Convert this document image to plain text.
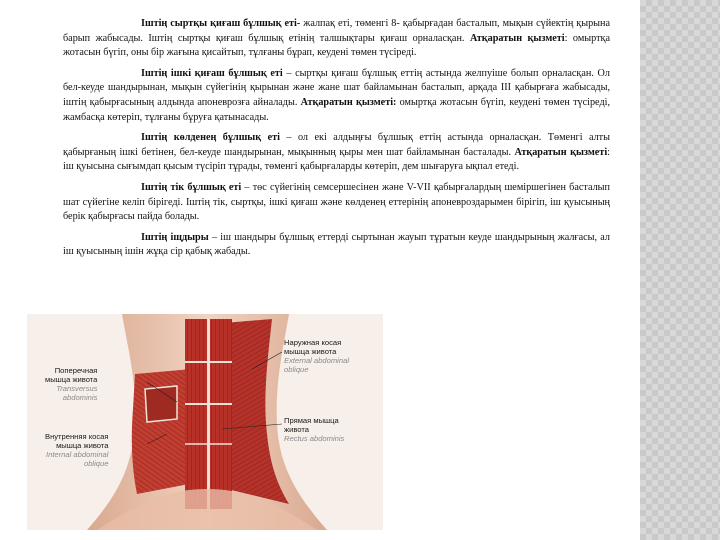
Іштің сыртқы қиғаш бұлшық еті- жалпақ еті, төменгі 8- қабырғадан басталып, мықын сүйектің қырына барып жабысады. Іштің сыртқы қиғаш бұлшық етінің талшықтары қиғаш орналасқан. Атқаратын қызметі: омыртқа жотасын бүгіп, оны бір жағына қисайтып, тұлғаны бұрап, кеудені төмен түсіреді.

Іштің ішкі қиғаш бұлшық еті – сыртқы қиғаш бұлшық еттің астында желпуіше болып орналасқан. Ол бел-кеуде шандырынан, мықын сүйегінің қырынан және жане шат байламынан басталып, арқада III қабырғаға жабысады, іштің қабырғасының алдында апоневрозға айналады. Атқаратын қызметі: омыртқа жотасын бүгіп, кеудені төмен түсіреді, жамбасқа көтеріп, тұлғаны бұруға қатынасады.

Іштің көлденең бұлшық еті – ол екі алдыңғы бұлшық еттің астында орналасқан. Төменгі алты қабырғаның ішкі бетінен, бел-кеуде шандырынан, мықынның қыры мен шат байламынан басталады. Атқаратын қызметі: іш қуысына сығымдап қысым түсіріп тұрады, төменгі қабырғаларды көтеріп, дем шығаруға ықпал етеді.

Іштің тік бұлшық еті – төс сүйегінің семсершесінен және V-VII қабырғалардың шеміршегінен басталып шат сүйегіне келіп бірігеді. Іштің тік, сыртқы, ішкі қиғаш және көлденең еттерінің апоневроздарымен бірігіп, іш қуысының берік қабырғасы пайда болады.

Іштің іщдыры – іш шандыры бұлшық еттерді сыртынан жауып тұратын кеуде шандырының жалғасы, ал іш қуысының ішін жұқа сір қабық жабады.

Поперечная
мышца живота
Transversus
abdominis
Внутренняя косая
мышца живота
Internal abdominal
oblique
Наружная косая
мышца живота
External abdominal
oblique
Прямая мышца
живота
Rectus abdominis
